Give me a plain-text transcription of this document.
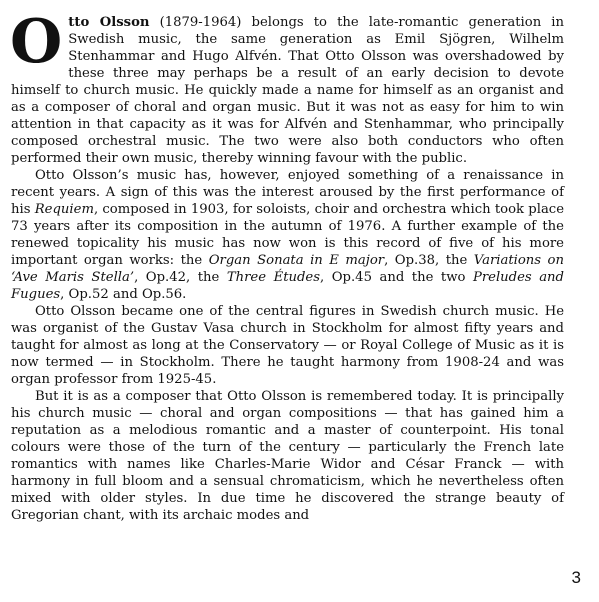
Otto Olsson (1879-1964) belongs to the late-romantic generation in Swedish music, the same generation as Emil Sjögren, Wilhelm Stenhammar and Hugo Alfvén. That Otto Olsson was overshadowed by these three may perhaps be a result of an early decision to devote himself to church music. He quickly made a name for himself as an organist and as a composer of choral and organ music. But it was not as easy for him to win attention in that capacity as it was for Alfvén and Stenhammar, who principally composed orchestral music. The two were also both conductors who often performed their own music, thereby winning favour with the public.

Otto Olsson’s music has, however, enjoyed something of a renaissance in recent years. A sign of this was the interest aroused by the first performance of his Requiem, composed in 1903, for soloists, choir and orchestra which took place 73 years after its composition in the autumn of 1976. A further example of the renewed topicality his music has now won is this record of five of his more important organ works: the Organ Sonata in E major, Op.38, the Variations on ‘Ave Maris Stella’, Op.42, the Three Études, Op.45 and the two Preludes and Fugues, Op.52 and Op.56.

Otto Olsson became one of the central figures in Swedish church music. He was organist of the Gustav Vasa church in Stockholm for almost fifty years and taught for almost as long at the Conservatory — or Royal College of Music as it is now termed — in Stockholm. There he taught harmony from 1908-24 and was organ professor from 1925-45.

But it is as a composer that Otto Olsson is remembered today. It is principally his church music — choral and organ compositions — that has gained him a reputation as a melodious romantic and a master of counterpoint. His tonal colours were those of the turn of the century — particularly the French late romantics with names like Charles-Marie Widor and César Franck — with harmony in full bloom and a sensual chromaticism, which he nevertheless often mixed with older styles. In due time he discovered the strange beauty of Gregorian chant, with its archaic modes and

3
